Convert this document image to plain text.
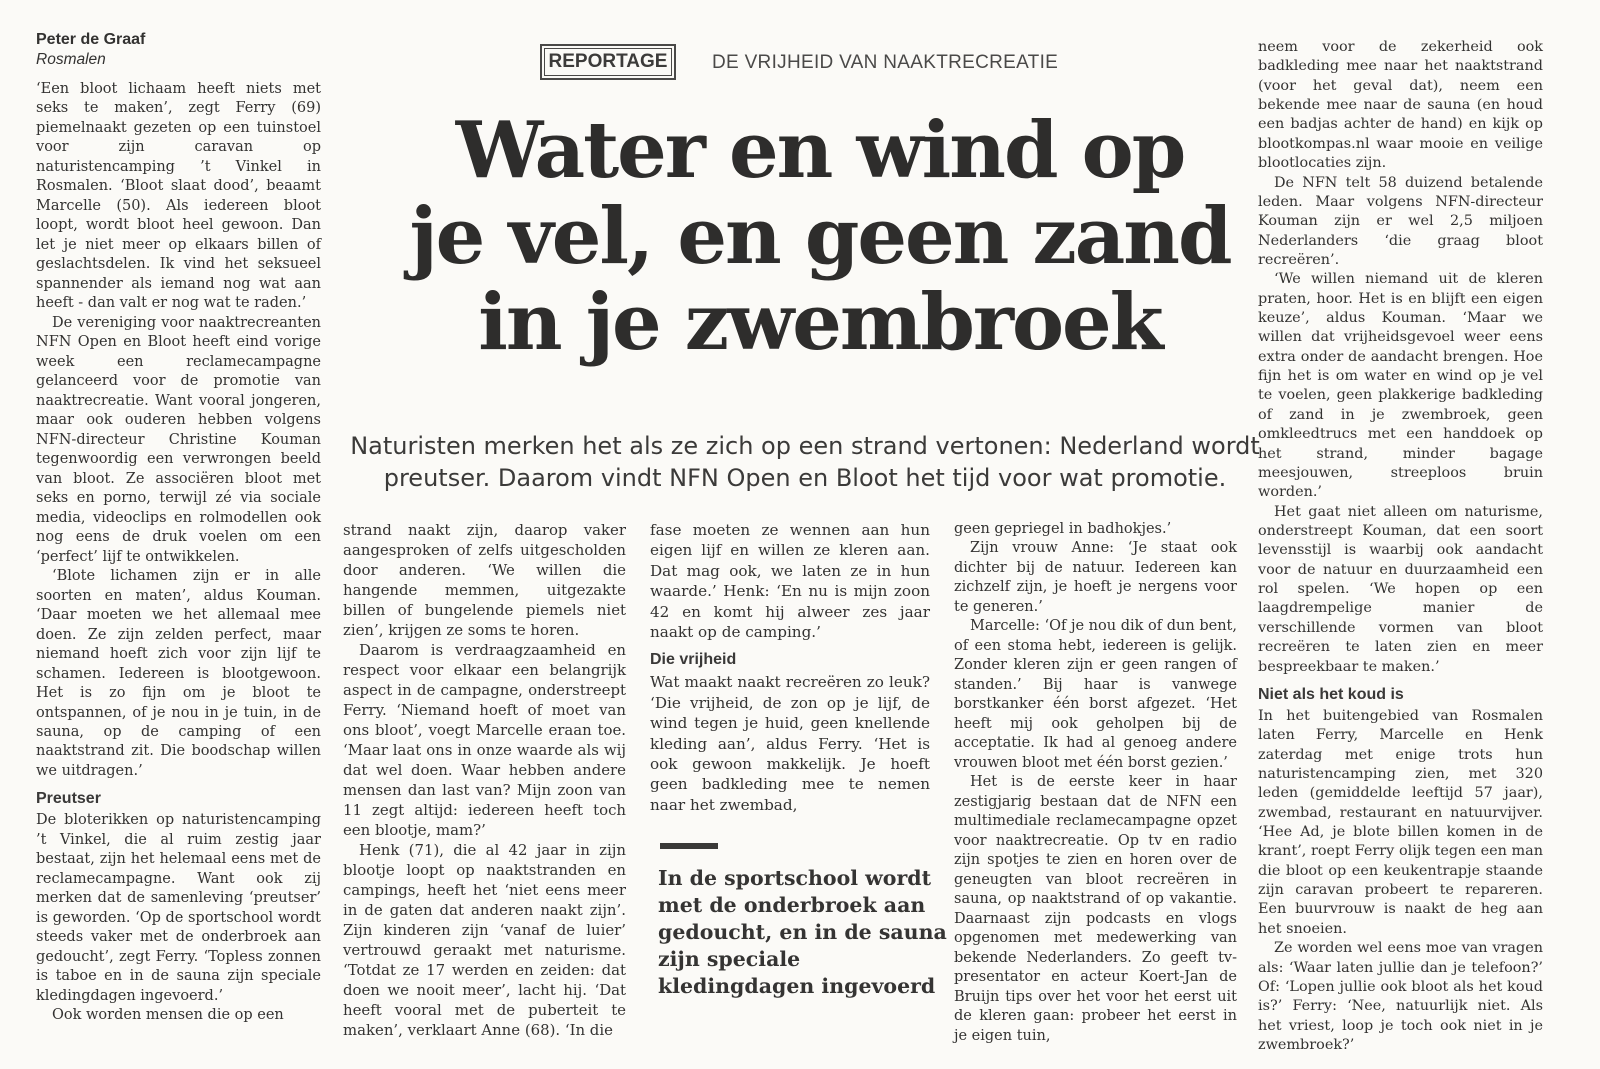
Peter de Graaf
Rosmalen

‘Een bloot lichaam heeft niets met seks te maken’, zegt Ferry (69) piemelnaakt gezeten op een tuinstoel voor zijn caravan op naturistencamping ’t Vinkel in Rosmalen. ‘Bloot slaat dood’, beaamt Marcelle (50). Als iedereen bloot loopt, wordt bloot heel gewoon. Dan let je niet meer op elkaars billen of geslachtsdelen. Ik vind het seksueel spannender als iemand nog wat aan heeft - dan valt er nog wat te raden.’

De vereniging voor naaktrecreanten NFN Open en Bloot heeft eind vorige week een reclamecampagne gelanceerd voor de promotie van naaktrecreatie. Want vooral jongeren, maar ook ouderen hebben volgens NFN-directeur Christine Kouman tegenwoordig een verwrongen beeld van bloot. Ze associëren bloot met seks en porno, terwijl zé via sociale media, videoclips en rolmodellen ook nog eens de druk voelen om een ‘perfect’ lijf te ontwikkelen.

‘Blote lichamen zijn er in alle soorten en maten’, aldus Kouman. ‘Daar moeten we het allemaal mee doen. Ze zijn zelden perfect, maar niemand hoeft zich voor zijn lijf te schamen. Iedereen is blootgewoon. Het is zo fijn om je bloot te ontspannen, of je nou in je tuin, in de sauna, op de camping of een naaktstrand zit. Die boodschap willen we uitdragen.’

Preutser

De bloterikken op naturistencamping ’t Vinkel, die al ruim zestig jaar bestaat, zijn het helemaal eens met de reclamecampagne. Want ook zij merken dat de samenleving ‘preutser’ is geworden. ‘Op de sportschool wordt steeds vaker met de onderbroek aan gedoucht’, zegt Ferry. ‘Topless zonnen is taboe en in de sauna zijn speciale kledingdagen ingevoerd.’

Ook worden mensen die op een

REPORTAGE	DE VRIJHEID VAN NAAKTRECREATIE
Water en wind op
je vel, en geen zand
in je zwembroek
Naturisten merken het als ze zich op een strand vertonen: Nederland wordt preutser. Daarom vindt NFN Open en Bloot het tijd voor wat promotie.

strand naakt zijn, daarop vaker aangesproken of zelfs uitgescholden door anderen. ‘We willen die hangende memmen, uitgezakte billen of bungelende piemels niet zien’, krijgen ze soms te horen.

Daarom is verdraagzaamheid en respect voor elkaar een belangrijk aspect in de campagne, onderstreept Ferry. ‘Niemand hoeft of moet van ons bloot’, voegt Marcelle eraan toe. ‘Maar laat ons in onze waarde als wij dat wel doen. Waar hebben andere mensen dan last van? Mijn zoon van 11 zegt altijd: iedereen heeft toch een blootje, mam?’

Henk (71), die al 42 jaar in zijn blootje loopt op naaktstranden en campings, heeft het ‘niet eens meer in de gaten dat anderen naakt zijn’. Zijn kinderen zijn ‘vanaf de luier’ vertrouwd geraakt met naturisme. ‘Totdat ze 17 werden en zeiden: dat doen we nooit meer’, lacht hij. ‘Dat heeft vooral met de puberteit te maken’, verklaart Anne (68). ‘In die

fase moeten ze wennen aan hun eigen lijf en willen ze kleren aan. Dat mag ook, we laten ze in hun waarde.’ Henk: ‘En nu is mijn zoon 42 en komt hij alweer zes jaar naakt op de camping.’

Die vrijheid

Wat maakt naakt recreëren zo leuk? ‘Die vrijheid, de zon op je lijf, de wind tegen je huid, geen knellende kleding aan’, aldus Ferry. ‘Het is ook gewoon makkelijk. Je hoeft geen badkleding mee te nemen naar het zwembad,

In de sportschool wordt met de onderbroek aan gedoucht, en in de sauna zijn speciale kledingdagen ingevoerd

geen gepriegel in badhokjes.’

Zijn vrouw Anne: ‘Je staat ook dichter bij de natuur. Iedereen kan zichzelf zijn, je hoeft je nergens voor te generen.’

Marcelle: ‘Of je nou dik of dun bent, of een stoma hebt, iedereen is gelijk. Zonder kleren zijn er geen rangen of standen.’ Bij haar is vanwege borstkanker één borst afgezet. ‘Het heeft mij ook geholpen bij de acceptatie. Ik had al genoeg andere vrouwen bloot met één borst gezien.’

Het is de eerste keer in haar zestigjarig bestaan dat de NFN een multimediale reclamecampagne opzet voor naaktrecreatie. Op tv en radio zijn spotjes te zien en horen over de geneugten van bloot recreëren in sauna, op naaktstrand of op vakantie. Daarnaast zijn podcasts en vlogs opgenomen met medewerking van bekende Nederlanders. Zo geeft tv-presentator en acteur Koert-Jan de Bruijn tips over het voor het eerst uit de kleren gaan: probeer het eerst in je eigen tuin,

neem voor de zekerheid ook badkleding mee naar het naaktstrand (voor het geval dat), neem een bekende mee naar de sauna (en houd een badjas achter de hand) en kijk op blootkompas.nl waar mooie en veilige blootlocaties zijn.

De NFN telt 58 duizend betalende leden. Maar volgens NFN-directeur Kouman zijn er wel 2,5 miljoen Nederlanders ‘die graag bloot recreëren’.

‘We willen niemand uit de kleren praten, hoor. Het is en blijft een eigen keuze’, aldus Kouman. ‘Maar we willen dat vrijheidsgevoel weer eens extra onder de aandacht brengen. Hoe fijn het is om water en wind op je vel te voelen, geen plakkerige badkleding of zand in je zwembroek, geen omkleedtrucs met een handdoek op het strand, minder bagage meesjouwen, streeploos bruin worden.’

Het gaat niet alleen om naturisme, onderstreept Kouman, dat een soort levensstijl is waarbij ook aandacht voor de natuur en duurzaamheid een rol spelen. ‘We hopen op een laagdrempelige manier de verschillende vormen van bloot recreëren te laten zien en meer bespreekbaar te maken.’

Niet als het koud is

In het buitengebied van Rosmalen laten Ferry, Marcelle en Henk zaterdag met enige trots hun naturistencamping zien, met 320 leden (gemiddelde leeftijd 57 jaar), zwembad, restaurant en natuurvijver. ‘Hee Ad, je blote billen komen in de krant’, roept Ferry olijk tegen een man die bloot op een keukentrapje staande zijn caravan probeert te repareren. Een buurvrouw is naakt de heg aan het snoeien.

Ze worden wel eens moe van vragen als: ‘Waar laten jullie dan je telefoon?’ Of: ‘Lopen jullie ook bloot als het koud is?’ Ferry: ‘Nee, natuurlijk niet. Als het vriest, loop je toch ook niet in je zwembroek?’
